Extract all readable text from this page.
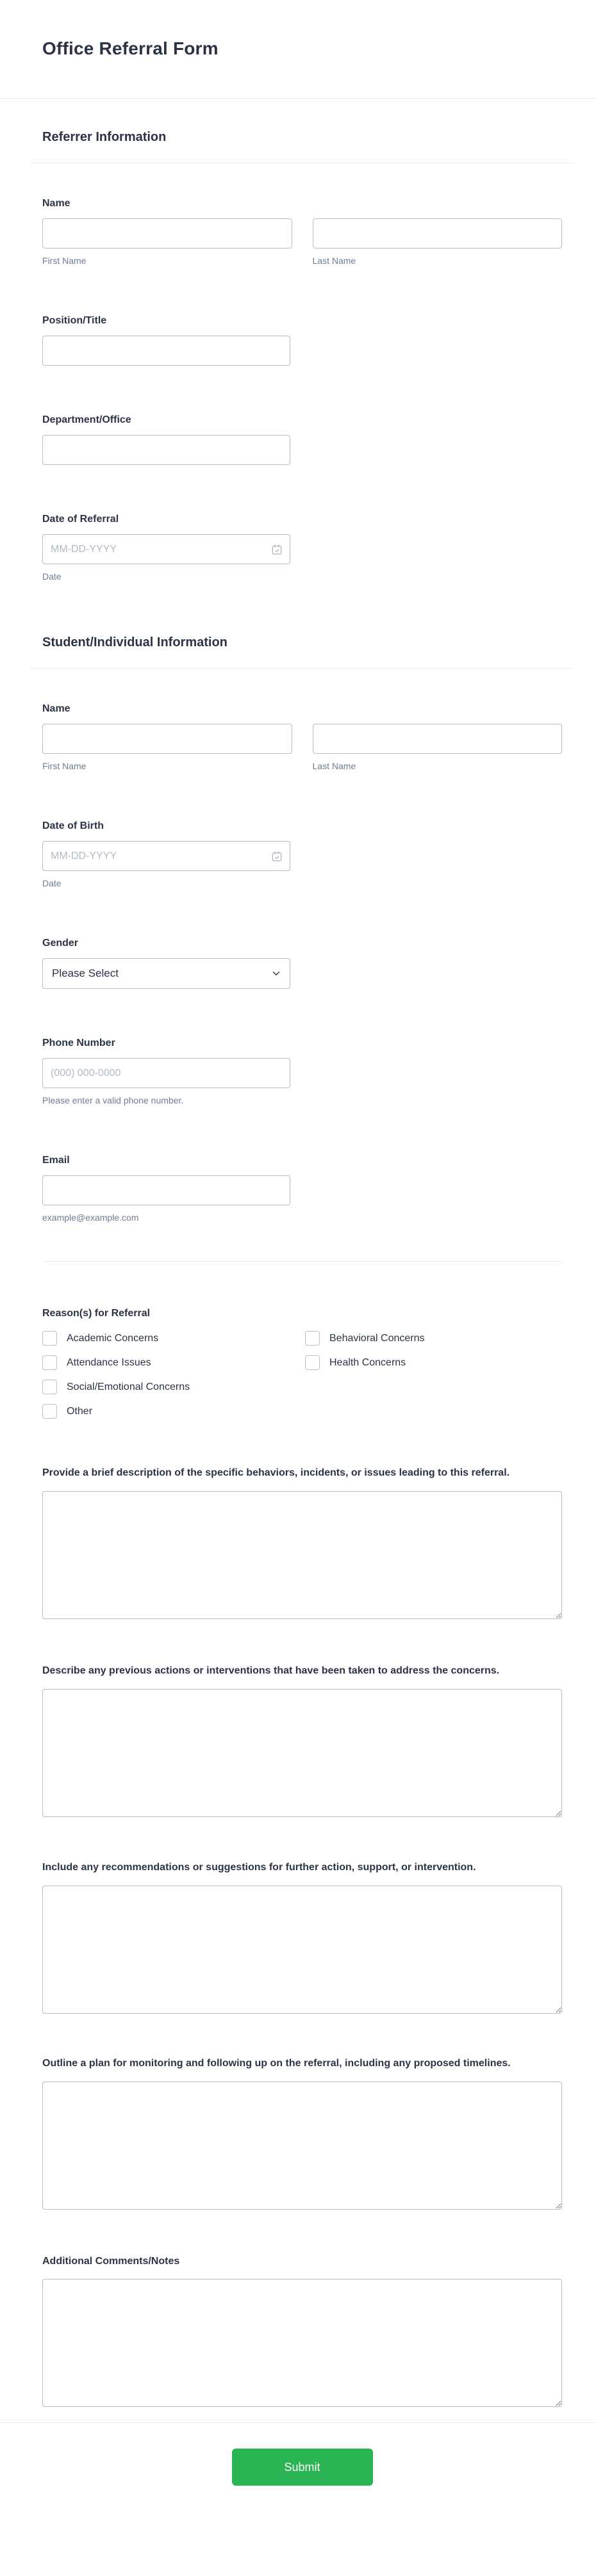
Office Referral Form
Referrer Information
Name
First Name	Last Name
Position/Title
Department/Office
Date of Referral
MM-DD-YYYY
Date
Student/Individual Information
Name
First Name	Last Name
Date of Birth
MM-DD-YYYY
Date
Gender
Please Select
Phone Number
(000) 000-0000
Please enter a valid phone number.
Email
example@example.com
Reason(s) for Referral
Academic Concerns	Behavioral Concerns
Attendance Issues	Health Concerns
Social/Emotional Concerns
Other
Provide a brief description of the specific behaviors, incidents, or issues leading to this referral.
Describe any previous actions or interventions that have been taken to address the concerns.
Include any recommendations or suggestions for further action, support, or intervention.
Outline a plan for monitoring and following up on the referral, including any proposed timelines.
Additional Comments/Notes
Submit
